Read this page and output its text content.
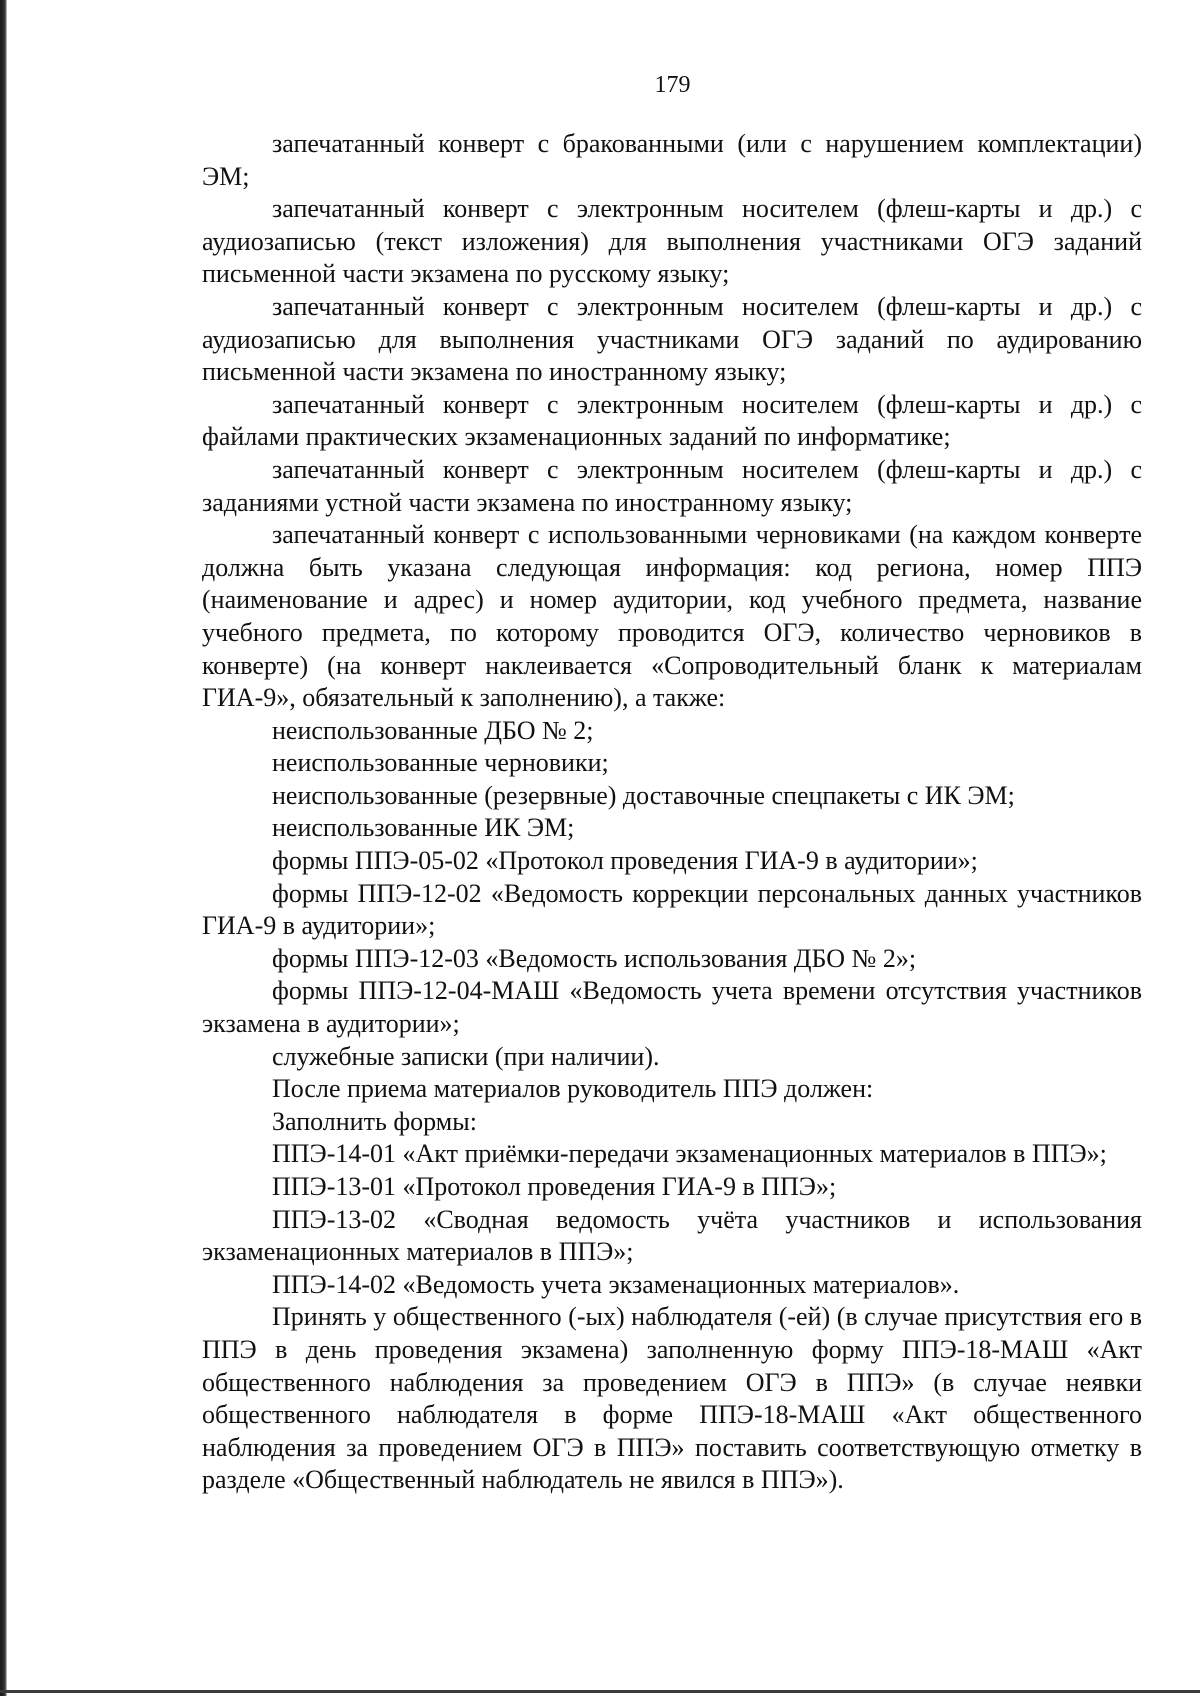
179

запечатанный конверт с бракованными (или с нарушением комплектации) ЭМ;

запечатанный конверт с электронным носителем (флеш-карты и др.) с аудиозаписью (текст изложения) для выполнения участниками ОГЭ заданий письменной части экзамена по русскому языку;

запечатанный конверт с электронным носителем (флеш-карты и др.) с аудиозаписью для выполнения участниками ОГЭ заданий по аудированию письменной части экзамена по иностранному языку;

запечатанный конверт с электронным носителем (флеш-карты и др.) с файлами практических экзаменационных заданий по информатике;

запечатанный конверт с электронным носителем (флеш-карты и др.) с заданиями устной части экзамена по иностранному языку;

запечатанный конверт с использованными черновиками (на каждом конверте должна быть указана следующая информация: код региона, номер ППЭ (наименование и адрес) и номер аудитории, код учебного предмета, название учебного предмета, по которому проводится ОГЭ, количество черновиков в конверте) (на конверт наклеивается «Сопроводительный бланк к материалам ГИА-9», обязательный к заполнению), а также:

неиспользованные ДБО № 2;

неиспользованные черновики;

неиспользованные (резервные) доставочные спецпакеты с ИК ЭМ;

неиспользованные ИК ЭМ;

формы ППЭ-05-02 «Протокол проведения ГИА-9 в аудитории»;

формы ППЭ-12-02 «Ведомость коррекции персональных данных участников ГИА-9 в аудитории»;

формы ППЭ-12-03 «Ведомость использования ДБО № 2»;

формы ППЭ-12-04-МАШ «Ведомость учета времени отсутствия участников экзамена в аудитории»;

служебные записки (при наличии).

После приема материалов руководитель ППЭ должен:

Заполнить формы:

ППЭ-14-01 «Акт приёмки-передачи экзаменационных материалов в ППЭ»;

ППЭ-13-01 «Протокол проведения ГИА-9 в ППЭ»;

ППЭ-13-02 «Сводная ведомость учёта участников и использования экзаменационных материалов в ППЭ»;

ППЭ-14-02 «Ведомость учета экзаменационных материалов».

Принять у общественного (-ых) наблюдателя (-ей) (в случае присутствия его в ППЭ в день проведения экзамена) заполненную форму ППЭ-18-МАШ «Акт общественного наблюдения за проведением ОГЭ в ППЭ» (в случае неявки общественного наблюдателя в форме ППЭ-18-МАШ «Акт общественного наблюдения за проведением ОГЭ в ППЭ» поставить соответствующую отметку в разделе «Общественный наблюдатель не явился в ППЭ»).
